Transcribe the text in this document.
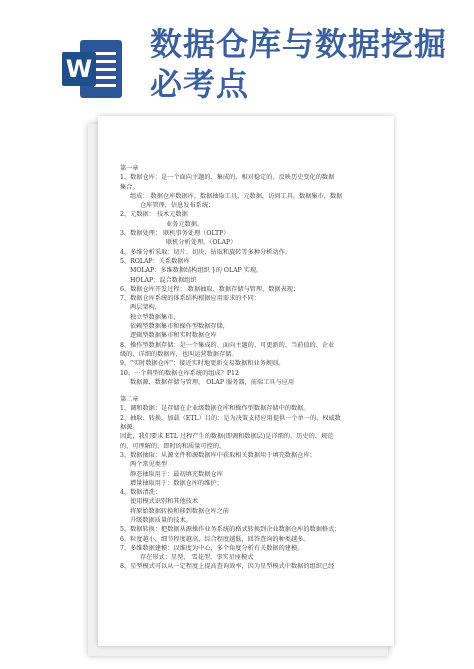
W
数据仓库与数据挖掘必考点
第一章
1、数据仓库：是一个面向主题的、集成的、相对稳定的、反映历史变化的数据
集合。
组成： 数据仓库数据库，数据抽取工具，元数据，访问工具，数据集市，数据
仓库管理，信息发布系统；
2、元数据： 技术元数据
业务元数据。
3、数据处理： 联机事务处理（OLTP）
联机分析处理。（OLAP）
4、多维分析采取：切片、切块、钻取和旋转等多种分析动作。
5、ROLAP：关系数据库
MOLAP：多维数据结构组织 }的 OLAP 实现。
HOLAP：混合数据组织
6、数据仓库开发过程： 数据抽取、数据存储与管理、数据表现；
7、数据仓库系统的体系结构根据应用需求的不同：
两层架构，
独立型数据集市，
依赖型数据集市和操作型数据存储，
逻辑型数据集市和实时数据仓库
8、操作型数据存储：是一个集成的、面向主题的、可更新的、当前值的、企业
级的、详细的数据库，也叫运营数据存储。
9、"实时数据仓库"：接近实时地更新交易数据和业务规则。
10、一个典型的数据仓库系统的组成？P12
数据源、数据存储与管理、 OLAP 服务器，前端工具与应用
第二章
1、调和数据：是存储在企业级数据仓库和操作型数据存储中的数据。
2、抽取、转换、加载（ETL）目的：是为决策支持应用提供一个单一的、权威数
据源。
因此，我们要求 ETL 过程产生的数据(即调和数据层)是详细的、历史的、规范
的、可理解的、即时的和质量可控的。
3、数据抽取：从源文件和源数据库中获取相关数据用于填充数据仓库；
两个常见类型
静态抽取用于：最初填充数据仓库
增量抽取用于：数据仓库的维护；
4、数据清洗：
使用模式识别和其他技术
将原始数据转换和移到数据仓库之前
升级数据质量的技术。
5、数据转换：把数据从源操作业务系统的格式转换到企业数据仓库的数据格式；
6、粒度越小，细节程度越高，综合程度越低，回答查询的种类越多。
7、多维数据建模：以维度为中心，多个角度分析有关数据的建模。
存在形式：星型， 雪花型、事实星座模式
8、星型模式可以从一定程度上提高查询效率，因为星型模式中数据的组织已经
